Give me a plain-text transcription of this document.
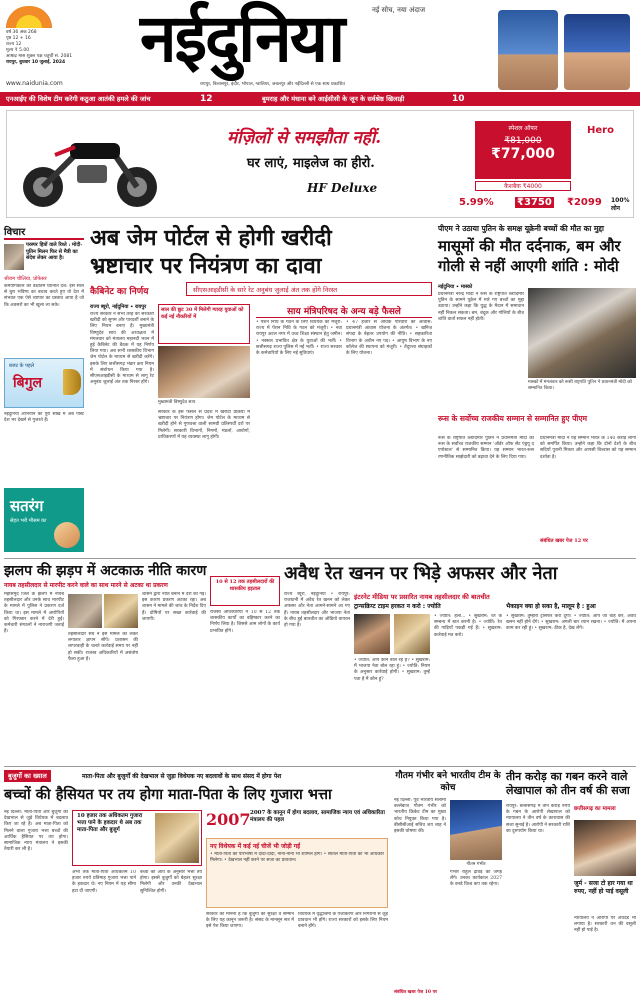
वर्ष 36 अंक 268
पृष्ठ 12 + 16
राज्य 12
मूल्य ₹ 5.00
आषाढ़ मास शुक्ल पक्ष चतुर्थी सं. 2081
रायपुर, बुधवार 10 जुलाई, 2024
www.naidunia.com
नईदुनिया	नई सोच, नया अंदाज
रायपुर, बिलासपुर, इंदौर, भोपाल, ग्वालियर, जबलपुर और नईदिल्ली से एक साथ प्रकाशित
एनआईए की विशेष टीम करेगी कठुआ आतंकी हमले की जांच	12	बुमराह और मंधाना बने आईसीसी के जून के सर्वश्रेष्ठ खिलाड़ी	10
मंज़िलों से समझौता नहीं.
घर लाएं, माइलेज का हीरो.
HF Deluxe
Hero
स्पेशल ऑफर
₹81,000
₹77,000
कैशबैक ₹4000
5.99% ₹3750 ₹2099 100% लोन
विचार
परस्पर हित्रों वाले रिश्ते : मोदी-पुतिन मिलन फिर से मैत्री का संदेश लेकर आया है।
श्रीराम चौलिया, प्रोफेसर
कर्मयोगकाल की वक्षीतम घ्यानीत देश: इस साल से बुरा भविष्‍य का बचाव करते हुए वो देश में संभवत एक ऐसे व्यापार का प्रस्ताव आया है जो कि अवसरों का भी खुला ला सके।
बजट के पहले
बिगुल
नईदुनिया अभियान की पूरी सीख में अब पोस्ट देश भर देखने से गुजरते हैं।
सतरंग
सेहत भरी मौसम का
अब जेम पोर्टल से होगी खरीदी
भ्रष्टाचार पर नियंत्रण का दावा
कैबिनेट का निर्णय	सीएसआइडीसी के सारे रेट अनुबंध जुलाई अंत तक होंगे निरस्त
राज्य ब्यूरो, नईदुनिया • रायपुर
राज्य सरकार ने सभी तरह की सरकारी खरीदी को सुगम और पारदर्शी बनाने के लिए नियम बनाए हैं। मुख्यमंत्री विष्णुदेव साय की अध्यक्षता में मंगलवार को मंत्रालय महानदी भवन में हुई कैबिनेट की बैठक में यह निर्णय लिया गया। अब सभी शासकीय विभाग जेम पोर्टल के माध्यम से खरीदी करेंगे। इसके लिए छत्तीसगढ़ भंडार क्रय नियम में संशोधन किया गया है। सीएसआइडीसी के माध्यम से लागू रेट अनुबंध जुलाई अंत तक निरस्त होंगे।
साल की छूट 30 में मिलेगी ग्यारह युवाओं को कई नई नौकरियों में
मुख्यमंत्री विष्णुदेव साय
सरकार के इस फैसले से प्रदेश में खरीदी प्रक्रिया में भ्रष्टाचार पर नियंत्रण होगा। जेम पोर्टल के माध्यम से खरीदी होने से गुणवत्ता वाली सामग्री प्रतिस्पर्धी दरों पर मिलेगी। सरकारी विभागों, निगमों, मंडलों, आयोगों, प्राधिकरणों में यह व्यवस्था लागू होगी।
साय मंत्रिपरिषद के अन्य बड़े फैसले
• पेंशन निधि के गठन के लिए विधेयक को मंजूरी: राज्य में पेंशन निधि के गठन को मंजूरी। • नवा रायपुर अटल नगर में उच्च शिक्षा संस्थान हेतु जमीन। • नक्सल प्रभावित क्षेत्र के युवाओं की भर्ती। • छत्तीसगढ़ राज्य पुलिस में नई भर्ती। • राज्य सरकार के कर्मचारियों के लिए नई सुविधाएं।
• 47 हजार से अधिक परिवारों को आवास: प्रधानमंत्री आवास योजना के अंतर्गत। • खनिज संपदा के बेहतर उपयोग की नीति। • सहकारिता विभाग के अधीन नए पद। • आयुष विभाग के नए कॉलेज की स्थापना को मंजूरी। • तेंदूपत्ता संग्राहकों के लिए योजना।
पीएम ने उठाया पुतिन के समक्ष यूक्रेनी बच्चों की मौत का मुद्दा
मासूमों की मौत दर्दनाक, बम और
गोली से नहीं आएगी शांति : मोदी
नईदुनिया • मास्को
प्रधानमंत्री नरेन्द्र मोदी ने रूस के राष्ट्रपति व्लादिमीर पुतिन के सामने यूक्रेन में मारे गए बच्चों का मुद्दा उठाया। उन्होंने कहा कि युद्ध के मैदान में समाधान नहीं निकल सकता। बम, बंदूक और गोलियों के बीच शांति वार्ता सफल नहीं होती।
मास्को में मंगलवार को रूसी राष्ट्रपति पुतिन ने प्रधानमंत्री मोदी को सम्मानित किया।
रूस के सर्वोच्च राजकीय सम्मान से सम्मानित हुए पीएम
रूस के राष्ट्रपति व्लादिमीर पुतिन ने प्रधानमंत्री मोदी को रूस के सर्वोच्च राजकीय सम्मान 'ऑर्डर ऑफ सेंट एंड्रयू द एपोस्टल' से सम्मानित किया। यह सम्मान भारत-रूस रणनीतिक साझेदारी को बढ़ावा देने के लिए दिया गया।
प्रधानमंत्री मोदी ने यह सम्मान भारत के 140 करोड़ लोगों को समर्पित किया। उन्होंने कहा कि दोनों देशों के बीच सदियों पुरानी मित्रता और आपसी विश्वास को यह सम्मान दर्शाता है।
संबंधित खबर पेज 12 पर
झलप की झड़प में अटकाऊ नीति कारण
नायब तहसीलदार से मारपीट करने वाले का साथ मारने से अटका था प्रकरण
महासमुंद जिले के झलप में नायब तहसीलदार और उनके साथ मारपीट के मामले में पुलिस ने प्रकरण दर्ज किया था। इस मामले में आरोपियों को गिरफ्तार करने में देरी हुई। कर्मचारी संगठनों ने नाराजगी जताई है।
तहसीलदार संघ ने इस मामले को लेकर लगातार ज्ञापन सौंपे। प्रशासन की लापरवाही के चलते कार्रवाई समय पर नहीं हो सकी। राजस्व अधिकारियों में असंतोष फैला हुआ है।
शासन द्वारा नीति बनाने में देरी की गई। इस कारण प्रकरण अटका रहा। अब शासन ने मामले की जांच के निर्देश दिए हैं। दोषियों पर सख्त कार्रवाई की जाएगी।
10 से 12 तक तहसीलदारों की शासकीय हड़ताल
राजस्व अधिकारियों ने 10 से 12 तक शासकीय कार्यों का बहिष्कार करने का निर्णय लिया है। जिससे आम लोगों के कार्य प्रभावित होंगे।
अवैध रेत खनन पर भिड़े अफसर और नेता
राज्य ब्यूरो, नईदुनिया • रायपुर: राजधानी में अवैध रेत खनन को लेकर अफसर और नेता आमने-सामने आ गए हैं। नायब तहसीलदार और भाजपा नेता के बीच हुई बातचीत का ऑडियो वायरल हो गया है।
इंटरनेट मीडिया पर प्रसारित नायब तहसीलदार की बातचीत
ट्रान्सक्रिप्ट टाइम हरकत न करो : ज्योति	भैकाइन क्या हो सका है, मालूम है : हुआ
• ज्योति: हैलो... • सुखराम: रेत के सम्बन्ध में बात करनी है। • ज्योति: रेत की गाड़ियाँ पकड़ी गईं हैं। • सुखराम: कार्रवाई मत करो।
• ज्योति: आप कौन बोल रहे हैं? • सुखराम: मैं भाजपा नेता बोल रहा हूं। • ज्योति: नियम के अनुसार कार्रवाई होगी। • सुखराम: तुम्हें पता है मैं कौन हूं?
• सुखराम: तुम्हारा ट्रांसफर करा दूंगा। • ज्योति: आप जो चाहें करें, अवैध खनन नहीं होने देंगे। • सुखराम: अगली बार ध्यान रखना। • ज्योति: मैं अपना काम कर रही हूं। • सुखराम: ठीक है, देख लेंगे।
बुजुर्गो का ख्याल	माता-पिता और बुजुर्गों की देखभाल से जुड़ा विधेयक नए बदलावों के साथ संसद में होगा पेश
बच्चों की हैसियत पर तय होगा माता-पिता के लिए गुजारा भत्ता
नई दिल्ली: माता-पिता और बुजुर्गों की देखभाल से जुड़े विधेयक में बदलाव किए जा रहे हैं। अब माता-पिता को मिलने वाला गुजारा भत्ता बच्चों की आर्थिक हैसियत पर तय होगा। सामाजिक न्याय मंत्रालय ने इसकी तैयारी कर ली है।
10 हजार तक अधिकतम गुजारा भत्ता पाने के हकदार थे अब तक माता-पिता और बुजुर्ग
अभी तक माता-पिता अधिकतम 10 हजार रुपये प्रतिमाह गुजारा भत्ता पाने के हकदार थे। नए नियम में यह सीमा हटा दी जाएगी।
बच्चों की आय के अनुसार भत्ता तय होगा। इससे बुजुर्गों को बेहतर सुरक्षा मिलेगी और उनकी देखभाल सुनिश्चित होगी।
2007 2007 के कानून में होगा बदलाव, सामाजिक न्याय एवं अधिकारिता मंत्रालय की पहल
नए विधेयक में कई नई चीजें भी जोड़ी गईं
• माता-पिता की परिभाषा में दादा-दादी, नाना-नानी भी शामिल होंगे। • सौतेले माता-पिता को भी अधिकार मिलेगा। • देखभाल नहीं करने पर सजा का प्रावधान।
सरकार का मानना है कि बुजुर्गों की सुरक्षा व सम्मान के लिए यह कानून जरूरी है। संसद के मानसून सत्र में इसे पेश किया जाएगा।
विधेयक में वृद्धाश्रमों के पंजीकरण और निगरानी से जुड़े प्रावधान भी होंगे। राज्य सरकारों को इसके लिए नियम बनाने होंगे।
गौतम गंभीर बने भारतीय टीम के कोच
नई दिल्ली: पूर्व भारतीय सलामी बल्लेबाज गौतम गंभीर को भारतीय क्रिकेट टीम का मुख्य कोच नियुक्त किया गया है। बीसीसीआई सचिव जय शाह ने इसकी घोषणा की।
गौतम गंभीर
गंभीर राहुल द्रविड़ की जगह लेंगे। उनका कार्यकाल 2027 के वनडे विश्व कप तक रहेगा।
संबंधित खबर पेज 10 पर
तीन करोड़ का गबन करने वाले
लेखापाल को तीन वर्ष की सजा
रायपुर: छत्तीसगढ़ में तीन करोड़ रुपये के गबन के आरोपी लेखापाल को न्यायालय ने तीन वर्ष के कारावास की सजा सुनाई है। आरोपी ने सरकारी राशि का दुरुपयोग किया था।
छत्तीसगढ़ का मामला
जुर्म - सजा टो हार गया था रुपए, नहीं हो पाई वसूली
न्यायालय ने आरोपी पर अर्थदंड भी लगाया है। सरकारी धन की वसूली नहीं हो पाई है।
